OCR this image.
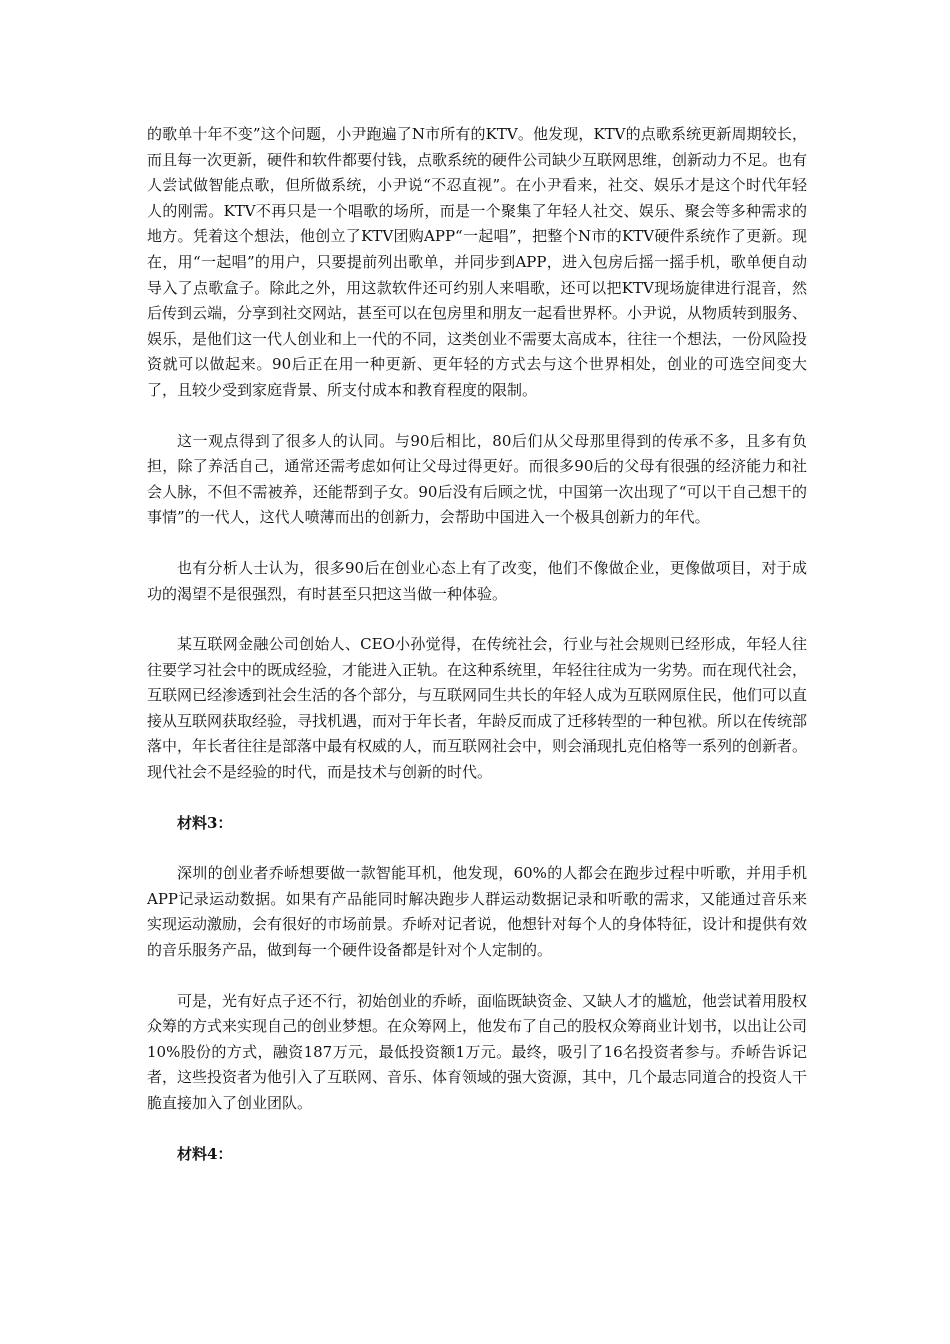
的歌单十年不变”这个问题，小尹跑遍了N市所有的KTV。他发现，KTV的点歌系统更新周期较长，而且每一次更新，硬件和软件都要付钱，点歌系统的硬件公司缺少互联网思维，创新动力不足。也有人尝试做智能点歌，但所做系统，小尹说“不忍直视”。在小尹看来，社交、娱乐才是这个时代年轻人的刚需。KTV不再只是一个唱歌的场所，而是一个聚集了年轻人社交、娱乐、聚会等多种需求的地方。凭着这个想法，他创立了KTV团购APP“一起唱”，把整个N市的KTV硬件系统作了更新。现在，用“一起唱”的用户，只要提前列出歌单，并同步到APP，进入包房后摇一摇手机，歌单便自动导入了点歌盒子。除此之外，用这款软件还可约别人来唱歌，还可以把KTV现场旋律进行混音，然后传到云端，分享到社交网站，甚至可以在包房里和朋友一起看世界杯。小尹说，从物质转到服务、娱乐，是他们这一代人创业和上一代的不同，这类创业不需要太高成本，往往一个想法，一份风险投资就可以做起来。90后正在用一种更新、更年轻的方式去与这个世界相处，创业的可选空间变大了，且较少受到家庭背景、所支付成本和教育程度的限制。

这一观点得到了很多人的认同。与90后相比，80后们从父母那里得到的传承不多，且多有负担，除了养活自己，通常还需考虑如何让父母过得更好。而很多90后的父母有很强的经济能力和社会人脉，不但不需被养，还能帮到子女。90后没有后顾之忧，中国第一次出现了“可以干自己想干的事情”的一代人，这代人喷薄而出的创新力，会帮助中国进入一个极具创新力的年代。

也有分析人士认为，很多90后在创业心态上有了改变，他们不像做企业，更像做项目，对于成功的渴望不是很强烈，有时甚至只把这当做一种体验。

某互联网金融公司创始人、CEO小孙觉得，在传统社会，行业与社会规则已经形成，年轻人往往要学习社会中的既成经验，才能进入正轨。在这种系统里，年轻往往成为一劣势。而在现代社会，互联网已经渗透到社会生活的各个部分，与互联网同生共长的年轻人成为互联网原住民，他们可以直接从互联网获取经验，寻找机遇，而对于年长者，年龄反而成了迁移转型的一种包袱。所以在传统部落中，年长者往往是部落中最有权威的人，而互联网社会中，则会涌现扎克伯格等一系列的创新者。现代社会不是经验的时代，而是技术与创新的时代。

材料3：

深圳的创业者乔峤想要做一款智能耳机，他发现，60%的人都会在跑步过程中听歌，并用手机APP记录运动数据。如果有产品能同时解决跑步人群运动数据记录和听歌的需求，又能通过音乐来实现运动激励，会有很好的市场前景。乔峤对记者说，他想针对每个人的身体特征，设计和提供有效的音乐服务产品，做到每一个硬件设备都是针对个人定制的。

可是，光有好点子还不行，初始创业的乔峤，面临既缺资金、又缺人才的尴尬，他尝试着用股权众筹的方式来实现自己的创业梦想。在众筹网上，他发布了自己的股权众筹商业计划书，以出让公司10%股份的方式，融资187万元，最低投资额1万元。最终，吸引了16名投资者参与。乔峤告诉记者，这些投资者为他引入了互联网、音乐、体育领域的强大资源，其中，几个最志同道合的投资人干脆直接加入了创业团队。

材料4：
